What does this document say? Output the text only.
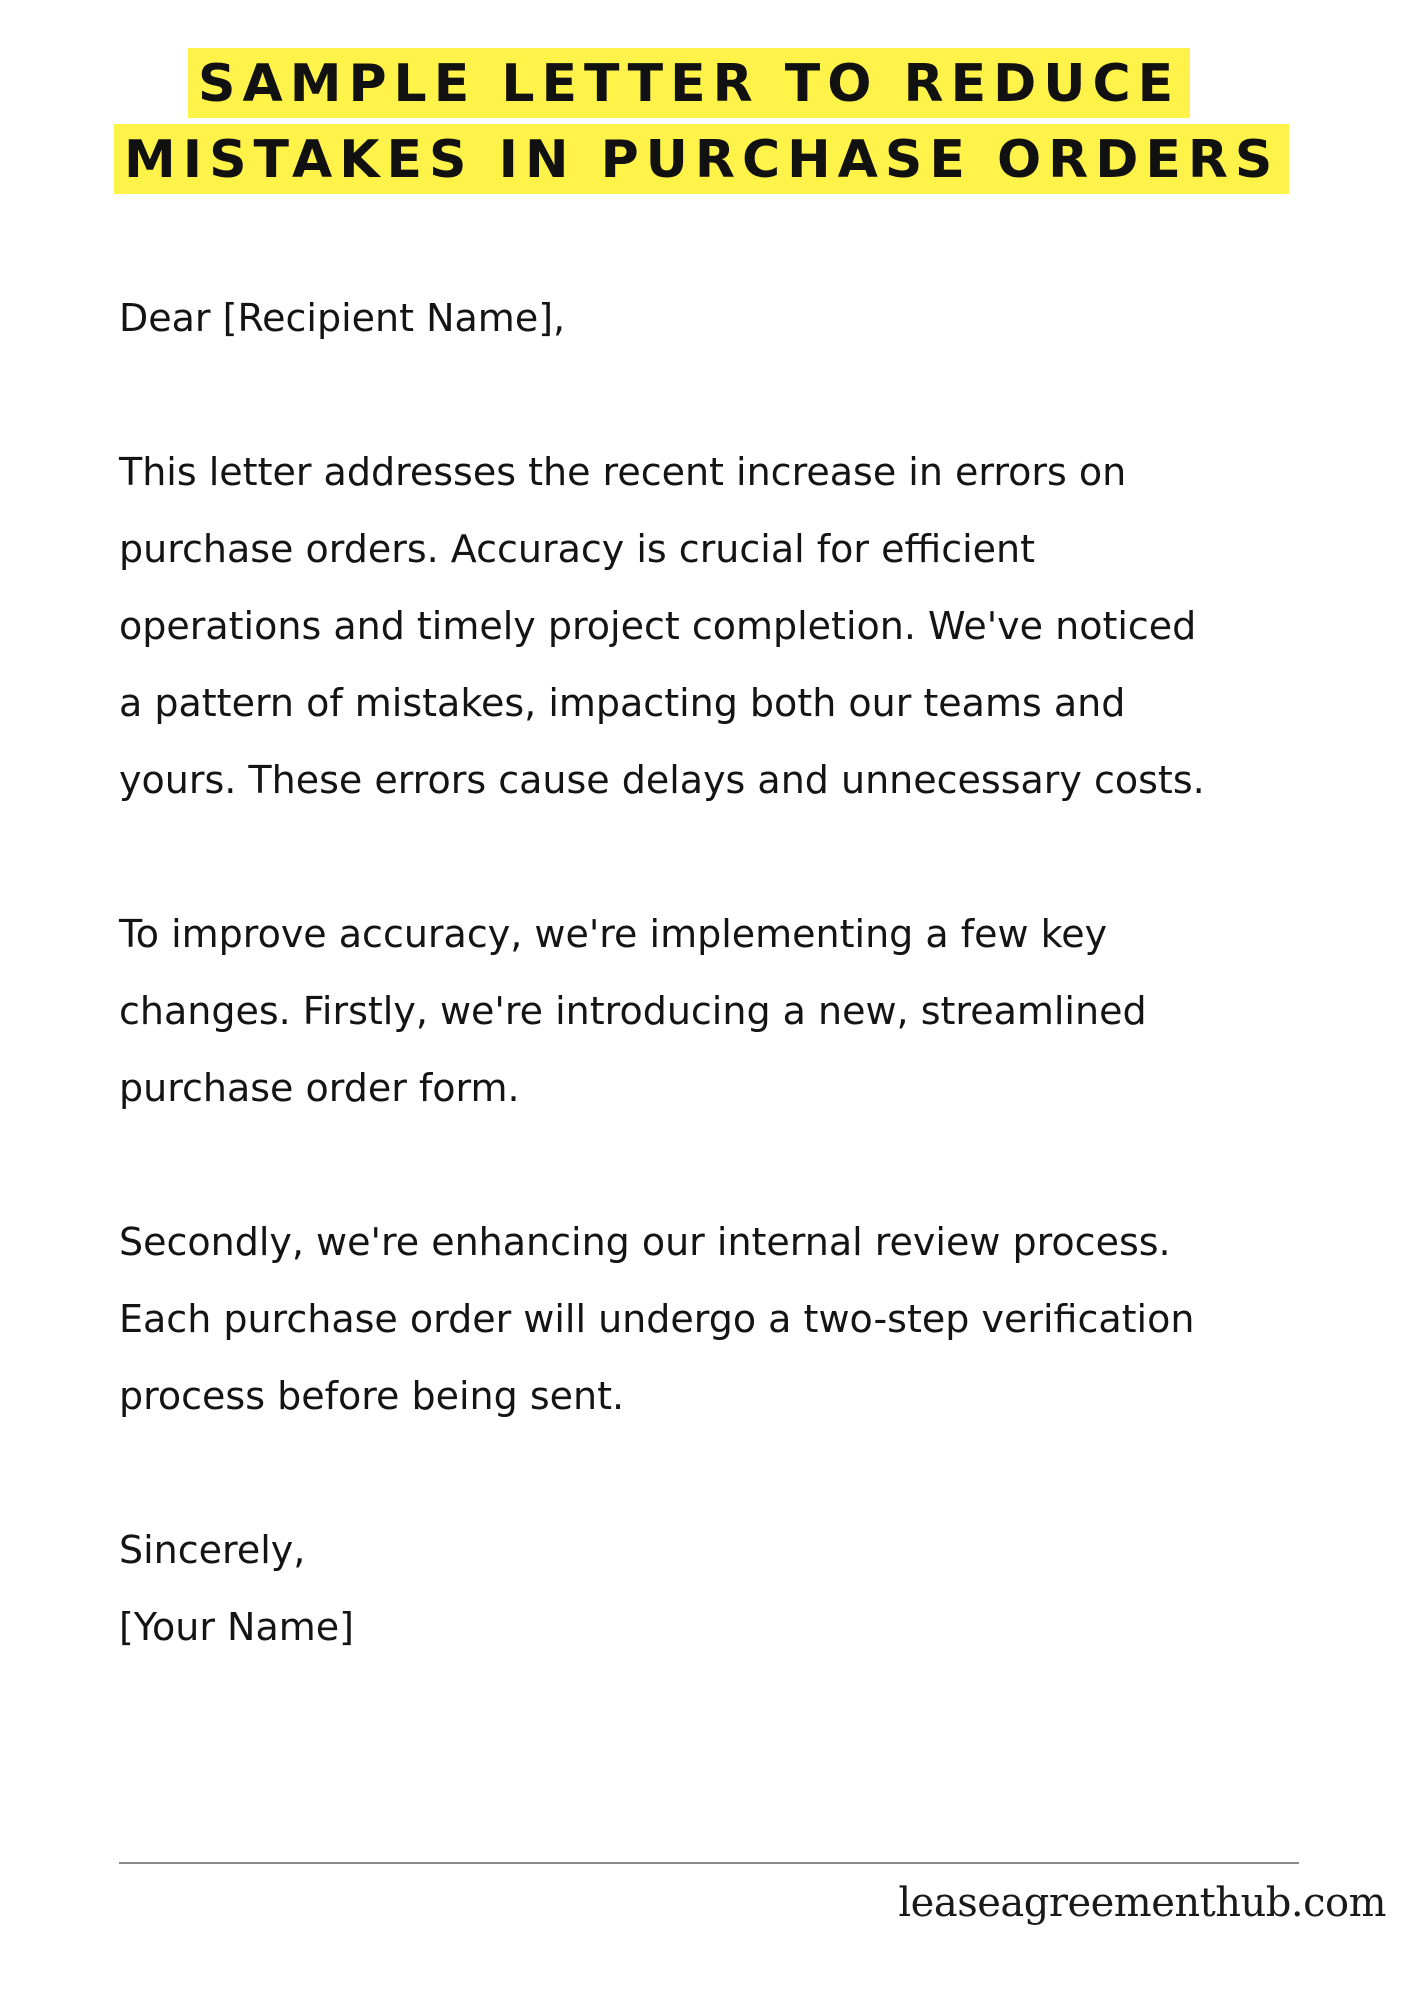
SAMPLE LETTER TO REDUCE
MISTAKES IN PURCHASE ORDERS

Dear [Recipient Name],

This letter addresses the recent increase in errors on
purchase orders. Accuracy is crucial for efficient
operations and timely project completion. We've noticed
a pattern of mistakes, impacting both our teams and
yours. These errors cause delays and unnecessary costs.

To improve accuracy, we're implementing a few key
changes. Firstly, we're introducing a new, streamlined
purchase order form.

Secondly, we're enhancing our internal review process.
Each purchase order will undergo a two-step verification
process before being sent.

Sincerely,
[Your Name]

leaseagreementhub.com
